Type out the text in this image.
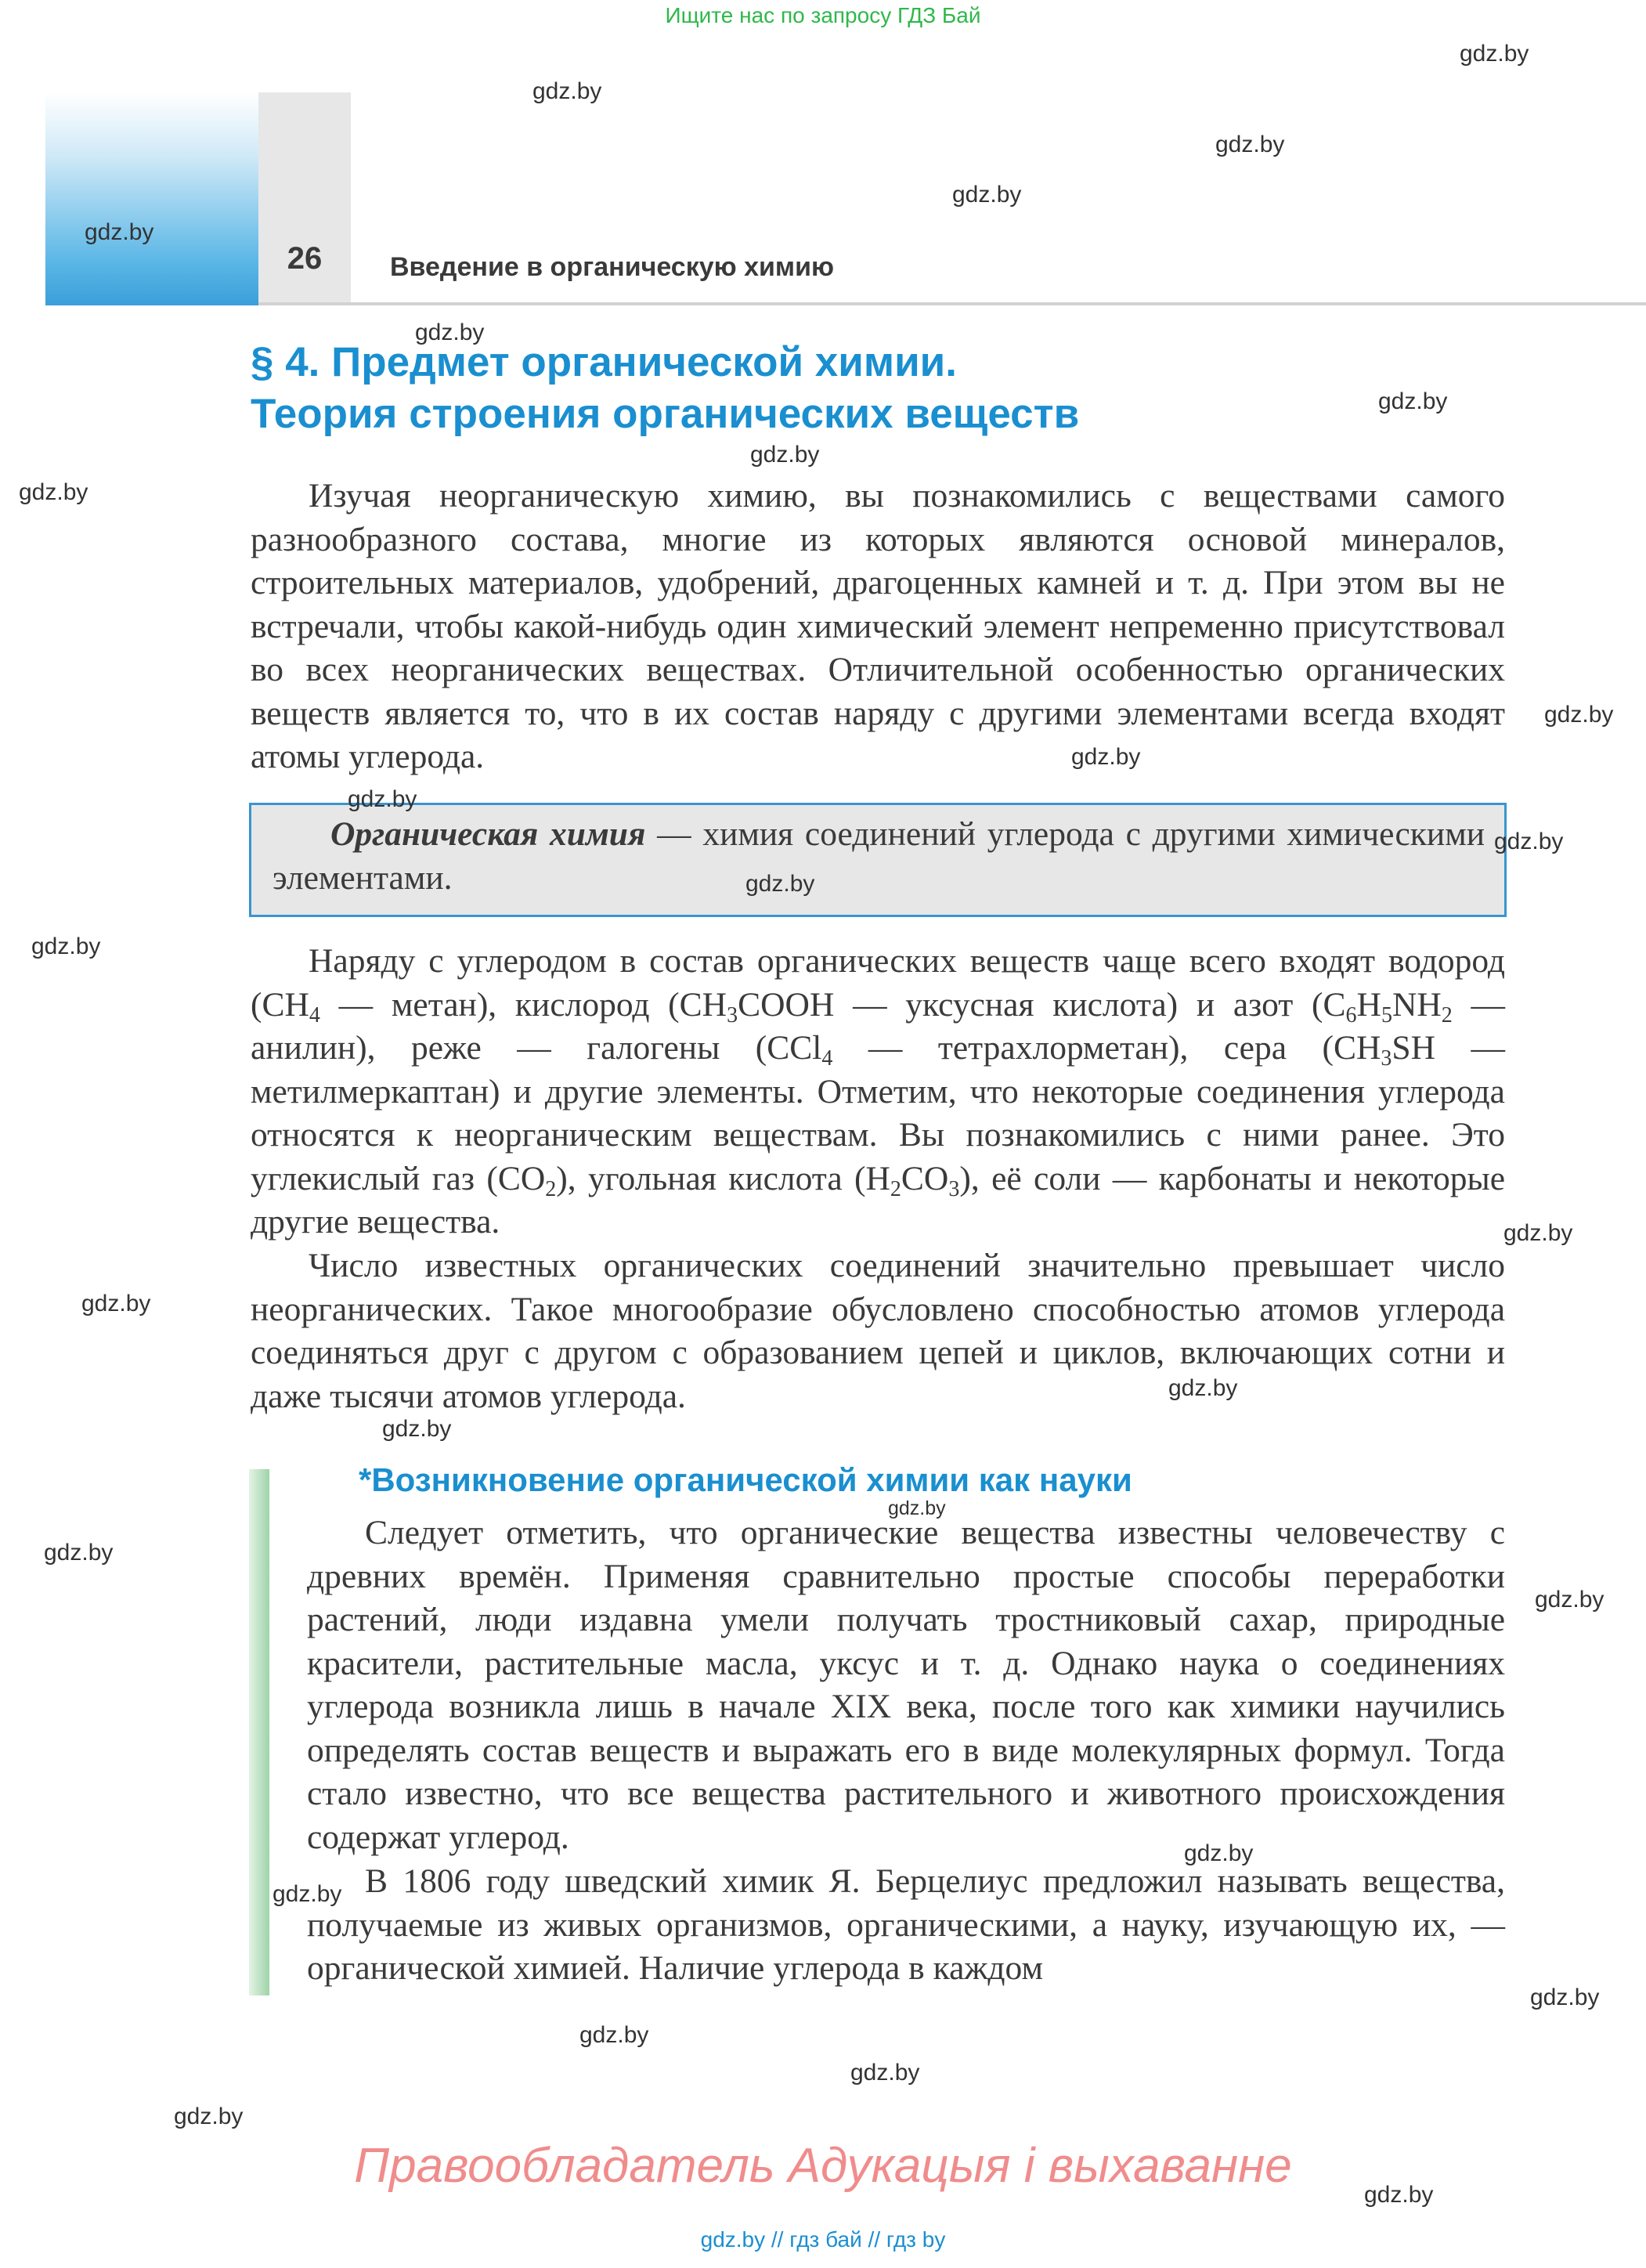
Ищите нас по запросу ГДЗ Бай
26	Введение в органическую химию
§ 4. Предмет органической химии.
Теория строения органических веществ

Изучая неорганическую химию, вы познакомились с веществами самого разнообразного состава, многие из которых являются основой минералов, строительных материалов, удобрений, драгоценных камней и т. д. При этом вы не встречали, чтобы какой-нибудь один химический элемент непременно присутствовал во всех неорганических веществах. Отличительной особенностью органических веществ является то, что в их состав наряду с другими элементами всегда входят атомы углерода.

Органическая химия — химия соединений углерода с другими химическими элементами.

Наряду с углеродом в состав органических веществ чаще всего входят водород ($CH_4$ — метан), кислород ($CH_3COOH$ — уксусная кислота) и азот ($C_6H_5NH_2$ — анилин), реже — галогены (CCl$_4$ — тетрахлорметан), сера ($CH_3SH$ — метилмеркаптан) и другие элементы. Отметим, что некоторые соединения углерода относятся к неорганическим веществам. Вы познакомились с ними ранее. Это углекислый газ $(CO_2)$, угольная кислота $(H_2CO_3)$, её соли — карбонаты и некоторые другие вещества.

Число известных органических соединений значительно превышает число неорганических. Такое многообразие обусловлено способностью атомов углерода соединяться друг с другом с образованием цепей и циклов, включающих сотни и даже тысячи атомов углерода.

*Возникновение органической химии как науки

Следует отметить, что органические вещества известны человечеству с древних времён. Применяя сравнительно простые способы переработки растений, люди издавна умели получать тростниковый сахар, природные красители, растительные масла, уксус и т. д. Однако наука о соединениях углерода возникла лишь в начале XIX века, после того как химики научились определять состав веществ и выражать его в виде молекулярных формул. Тогда стало известно, что все вещества растительного и животного происхождения содержат углерод.

В 1806 году шведский химик Я. Берцелиус предложил называть вещества, получаемые из живых организмов, органическими, а науку, изучающую их, — органической химией. Наличие углерода в каждом

Правообладатель Адукацыя і выхаванне
gdz.by // гдз бай // гдз by
gdz.by
gdz.by
gdz.by
gdz.by
gdz.by
gdz.by
gdz.by
gdz.by
gdz.by
gdz.by
gdz.by
gdz.by
gdz.by
gdz.by
gdz.by
gdz.by
gdz.by
gdz.by
gdz.by
gdz.by
gdz.by
gdz.by
gdz.by
gdz.by
gdz.by
gdz.by
gdz.by
gdz.by
gdz.by
